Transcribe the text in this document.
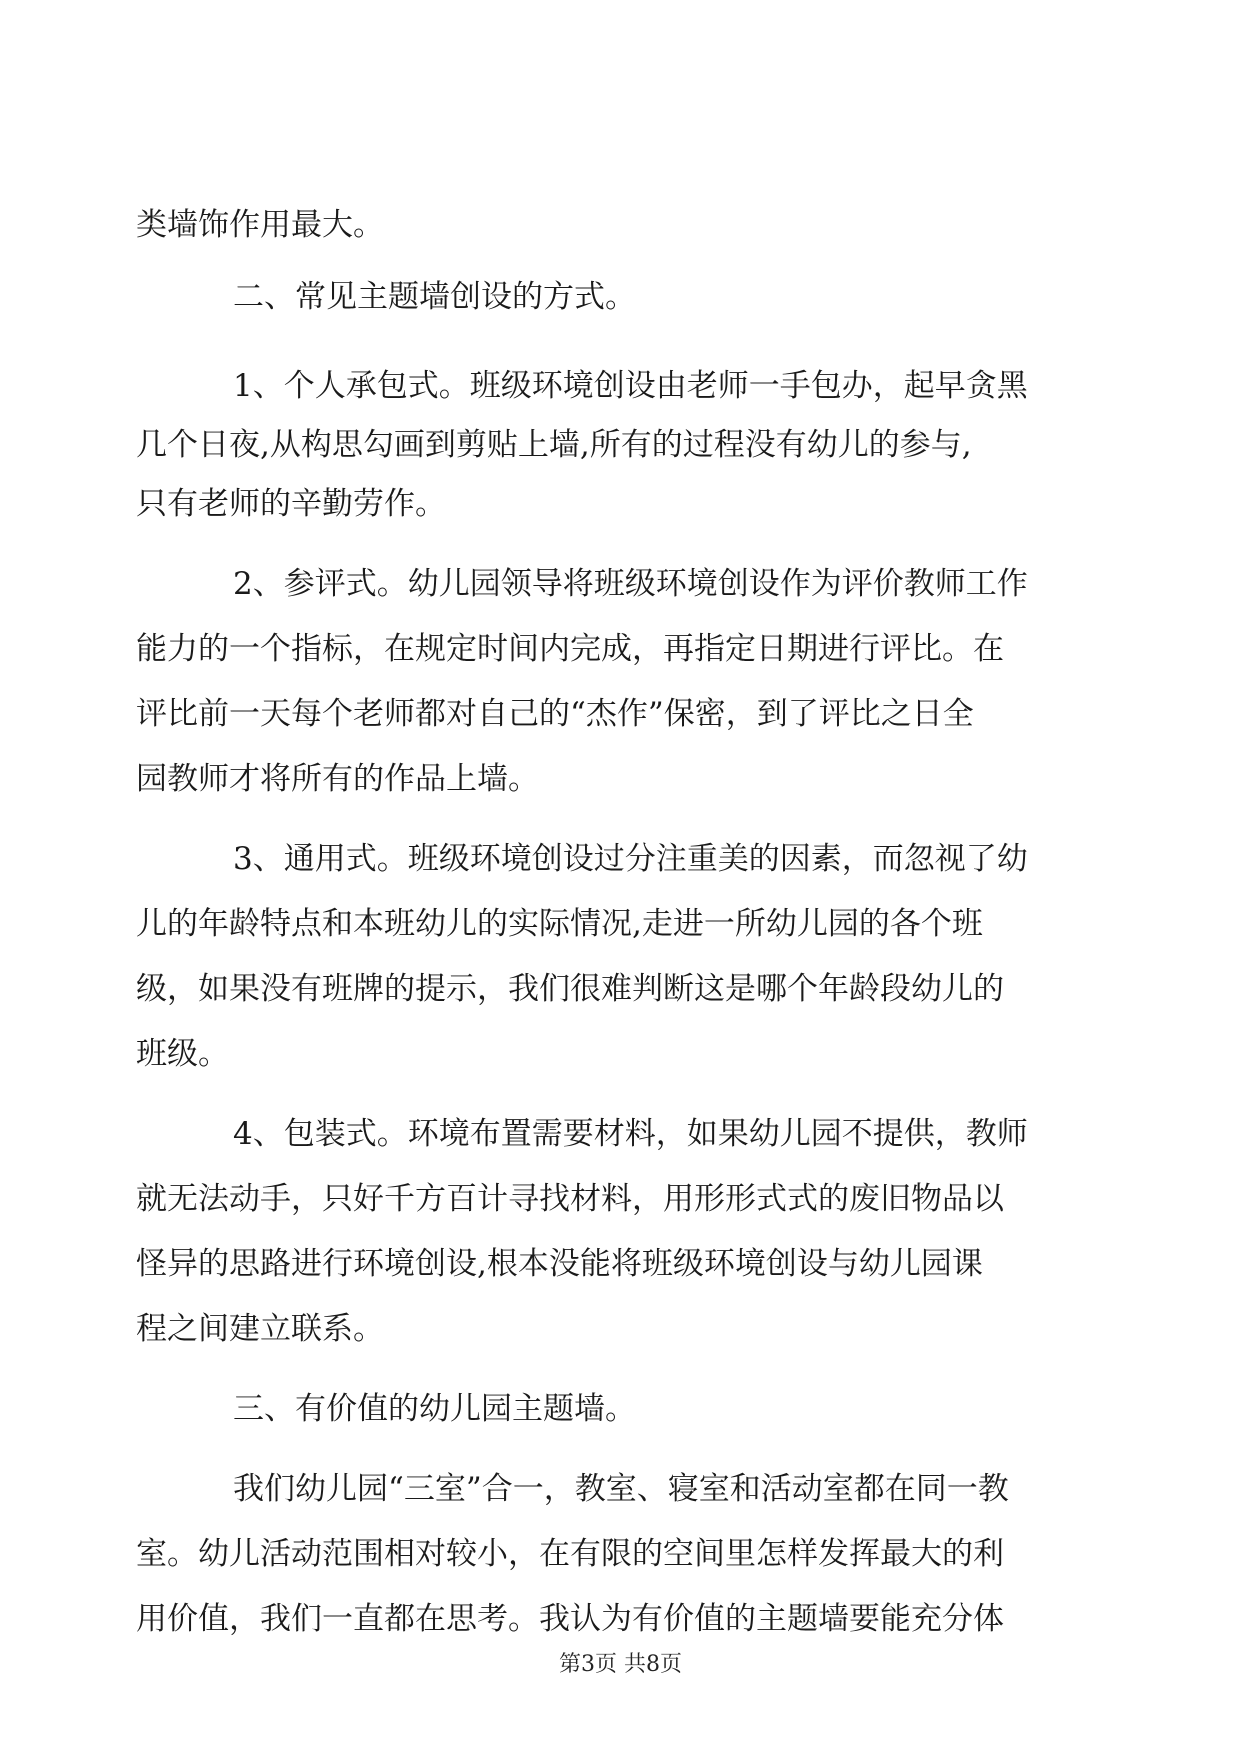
类墙饰作用最大。
二、常见主题墙创设的方式。
1、个人承包式。班级环境创设由老师一手包办，起早贪黑
几个日夜,从构思勾画到剪贴上墙,所有的过程没有幼儿的参与,
只有老师的辛勤劳作。
2、参评式。幼儿园领导将班级环境创设作为评价教师工作
能力的一个指标，在规定时间内完成，再指定日期进行评比。在
评比前一天每个老师都对自己的“杰作”保密，到了评比之日全
园教师才将所有的作品上墙。
3、通用式。班级环境创设过分注重美的因素，而忽视了幼
儿的年龄特点和本班幼儿的实际情况,走进一所幼儿园的各个班
级，如果没有班牌的提示，我们很难判断这是哪个年龄段幼儿的
班级。
4、包装式。环境布置需要材料，如果幼儿园不提供，教师
就无法动手，只好千方百计寻找材料，用形形式式的废旧物品以
怪异的思路进行环境创设,根本没能将班级环境创设与幼儿园课
程之间建立联系。
三、有价值的幼儿园主题墙。
我们幼儿园“三室”合一，教室、寝室和活动室都在同一教
室。幼儿活动范围相对较小，在有限的空间里怎样发挥最大的利
用价值，我们一直都在思考。我认为有价值的主题墙要能充分体
第3页 共8页
